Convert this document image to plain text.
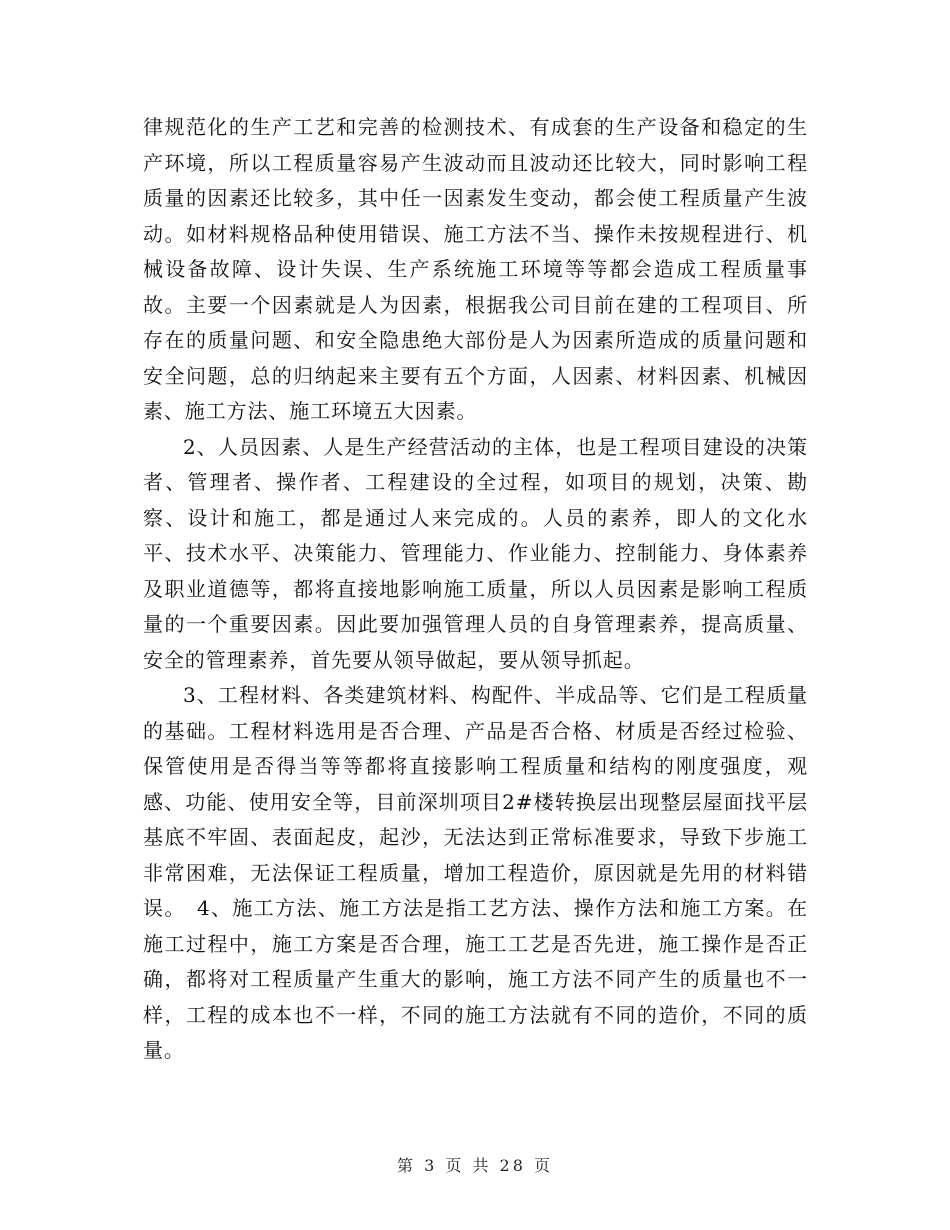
律规范化的生产工艺和完善的检测技术、有成套的生产设备和稳定的生产环境，所以工程质量容易产生波动而且波动还比较大，同时影响工程质量的因素还比较多，其中任一因素发生变动，都会使工程质量产生波动。如材料规格品种使用错误、施工方法不当、操作未按规程进行、机械设备故障、设计失误、生产系统施工环境等等都会造成工程质量事故。主要一个因素就是人为因素，根据我公司目前在建的工程项目、所存在的质量问题、和安全隐患绝大部份是人为因素所造成的质量问题和安全问题，总的归纳起来主要有五个方面，人因素、材料因素、机械因素、施工方法、施工环境五大因素。

2、人员因素、人是生产经营活动的主体，也是工程项目建设的决策者、管理者、操作者、工程建设的全过程，如项目的规划，决策、勘察、设计和施工，都是通过人来完成的。人员的素养，即人的文化水平、技术水平、决策能力、管理能力、作业能力、控制能力、身体素养及职业道德等，都将直接地影响施工质量，所以人员因素是影响工程质量的一个重要因素。因此要加强管理人员的自身管理素养，提高质量、安全的管理素养，首先要从领导做起，要从领导抓起。

3、工程材料、各类建筑材料、构配件、半成品等、它们是工程质量的基础。工程材料选用是否合理、产品是否合格、材质是否经过检验、保管使用是否得当等等都将直接影响工程质量和结构的刚度强度，观感、功能、使用安全等，目前深圳项目2#楼转换层出现整层屋面找平层基底不牢固、表面起皮，起沙，无法达到正常标准要求，导致下步施工非常困难，无法保证工程质量，增加工程造价，原因就是先用的材料错误。　4、施工方法、施工方法是指工艺方法、操作方法和施工方案。在施工过程中，施工方案是否合理，施工工艺是否先进，施工操作是否正确，都将对工程质量产生重大的影响，施工方法不同产生的质量也不一样，工程的成本也不一样，不同的施工方法就有不同的造价，不同的质量。

第 3 页 共 28 页
